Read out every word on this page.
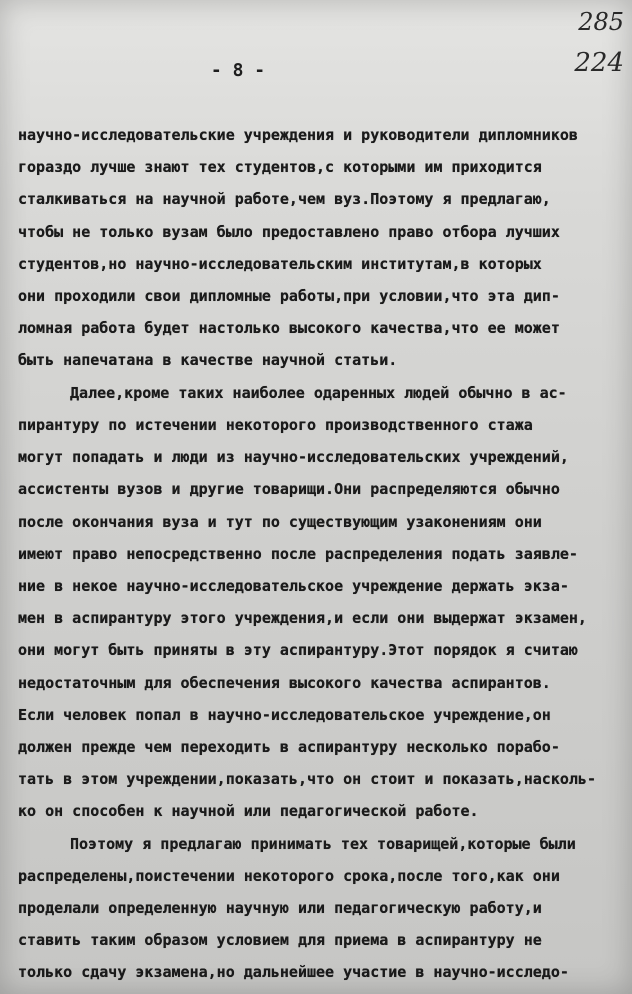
285
224
- 8 -
научно-исследовательские учреждения и руководители дипломников
гораздо лучше знают тех студентов,с которыми им приходится
сталкиваться на научной работе,чем вуз.Поэтому я предлагаю,
чтобы не только вузам было предоставлено право отбора лучших
студентов,но научно-исследовательским институтам,в которых
они проходили свои дипломные работы,при условии,что эта дип-
ломная работа будет настолько высокого качества,что ее может
быть напечатана в качестве научной статьи.
Далее,кроме таких наиболее одаренных людей обычно в ас-
пирантуру по истечении некоторого производственного стажа
могут попадать и люди из научно-исследовательских учреждений,
ассистенты вузов и другие товарищи.Они распределяются обычно
после окончания вуза и тут по существующим узаконениям они
имеют право непосредственно после распределения подать заявле-
ние в некое научно-исследовательское учреждение держать экза-
мен в аспирантуру этого учреждения,и если они выдержат экзамен,
они могут быть приняты в эту аспирантуру.Этот порядок я считаю
недостаточным для обеспечения высокого качества аспирантов.
Если человек попал в научно-исследовательское учреждение,он
должен прежде чем переходить в аспирантуру несколько порабо-
тать в этом учреждении,показать,что он стоит и показать,насколь-
ко он способен к научной или педагогической работе.
Поэтому я предлагаю принимать тех товарищей,которые были
распределены,поистечении некоторого срока,после того,как они
проделали определенную научную или педагогическую работу,и
ставить таким образом условием для приема в аспирантуру не
только сдачу экзамена,но дальнейшее участие в научно-исследо-
